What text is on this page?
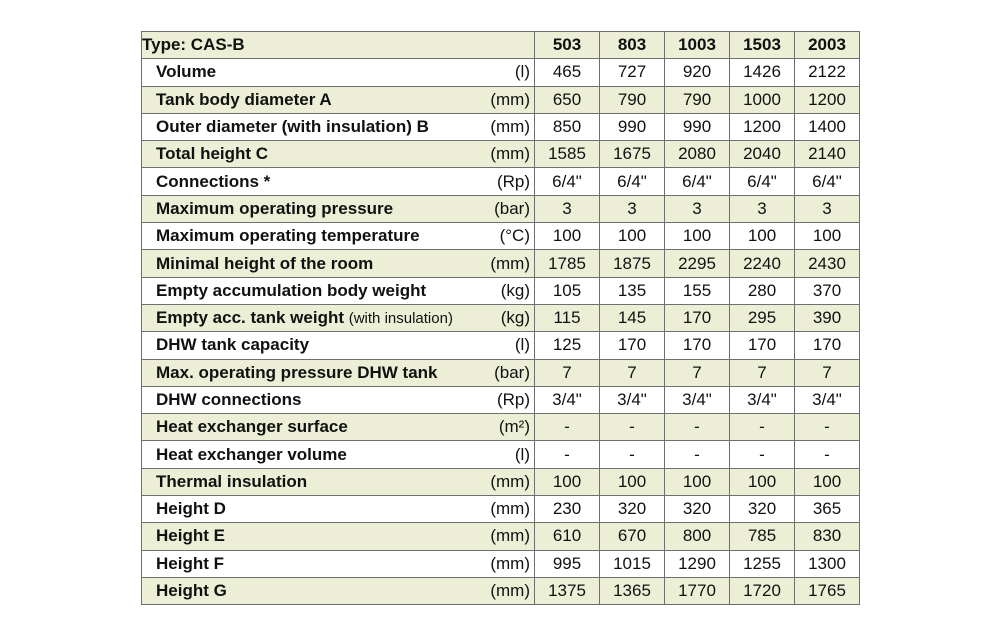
Type: CAS-B	503	803	1003	1503	2003

Volume (l)	465	727	920	1426	2122

Tank body diameter A (mm)	650	790	790	1000	1200

Outer diameter (with insulation) B (mm)	850	990	990	1200	1400

Total height C (mm)	1585	1675	2080	2040	2140

Connections * (Rp)	6/4"	6/4"	6/4"	6/4"	6/4"

Maximum operating pressure (bar)	3	3	3	3	3

Maximum operating temperature (°C)	100	100	100	100	100

Minimal height of the room (mm)	1785	1875	2295	2240	2430

Empty accumulation body weight (kg)	105	135	155	280	370

Empty acc. tank weight (with insulation) (kg)	115	145	170	295	390

DHW tank capacity (l)	125	170	170	170	170

Max. operating pressure DHW tank (bar)	7	7	7	7	7

DHW connections (Rp)	3/4"	3/4"	3/4"	3/4"	3/4"

Heat exchanger surface (m²)	-	-	-	-	-

Heat exchanger volume (l)	-	-	-	-	-

Thermal insulation (mm)	100	100	100	100	100

Height D (mm)	230	320	320	320	365

Height E (mm)	610	670	800	785	830

Height F (mm)	995	1015	1290	1255	1300

Height G (mm)	1375	1365	1770	1720	1765
